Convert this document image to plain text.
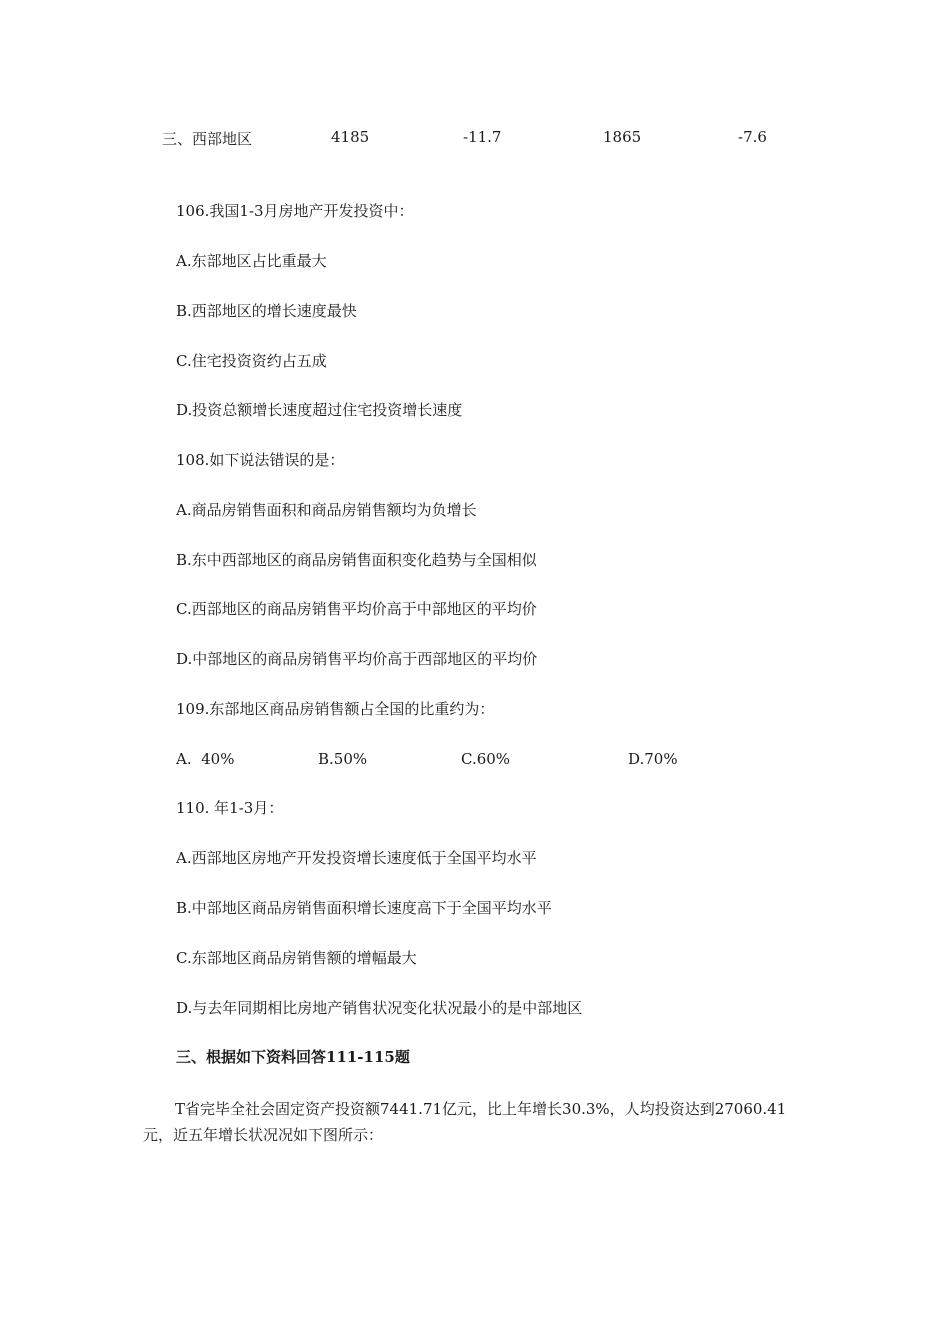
三、西部地区	4185	-11.7	1865	-7.6
106.我国1-3月房地产开发投资中：
A.东部地区占比重最大
B.西部地区的增长速度最快
C.住宅投资资约占五成
D.投资总额增长速度超过住宅投资增长速度
108.如下说法错误的是：
A.商品房销售面积和商品房销售额均为负增长
B.东中西部地区的商品房销售面积变化趋势与全国相似
C.西部地区的商品房销售平均价高于中部地区的平均价
D.中部地区的商品房销售平均价高于西部地区的平均价
109.东部地区商品房销售额占全国的比重约为：
A.  40%	B.50%	C.60%	D.70%
110. 年1-3月：
A.西部地区房地产开发投资增长速度低于全国平均水平
B.中部地区商品房销售面积增长速度高下于全国平均水平
C.东部地区商品房销售额的增幅最大
D.与去年同期相比房地产销售状况变化状况最小的是中部地区
三、根据如下资料回答111-115题
T省完毕全社会固定资产投资额7441.71亿元，比上年增长30.3%，人均投资达到27060.41元，近五年增长状况况如下图所示：
